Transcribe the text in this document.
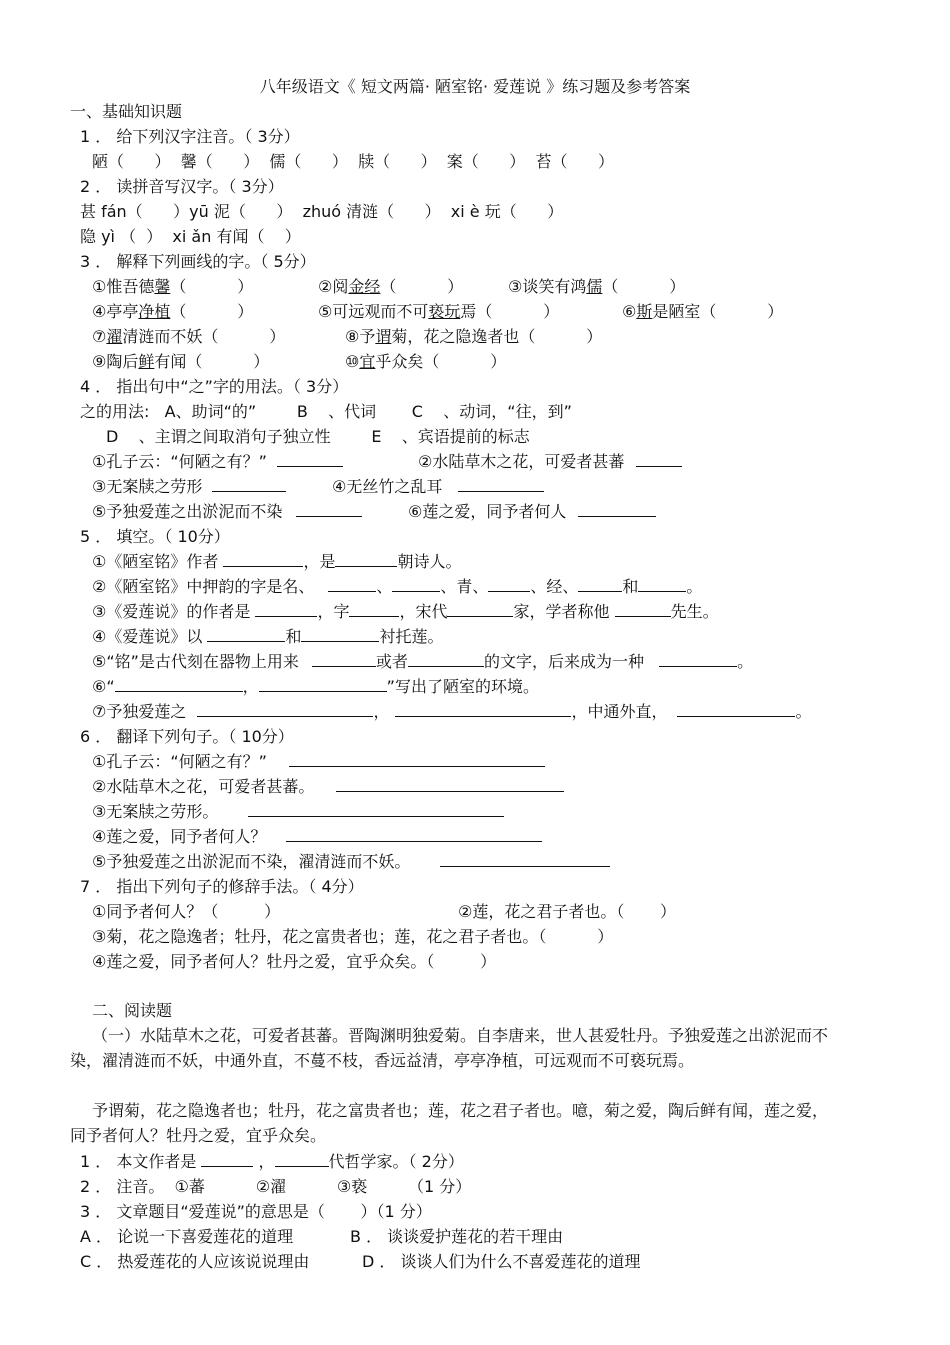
八年级语文《 短文两篇· 陋室铭· 爱莲说 》练习题及参考答案
一、基础知识题
1 ． 给下列汉字注音。（ 3分）
陋（      ）  馨（      ）  儒（      ）  牍（      ）  案（      ）  苔（      ）
2 ． 读拼音写汉字。（ 3分）
甚 fán（      ）yū 泥（      ）  zhuó 清涟（      ）  xi è 玩（      ）
隐 yì （  ）  xi ǎn 有闻（    ）
3 ． 解释下列画线的字。（ 5分）
①惟吾德馨（          ）	②阅金经（          ）	③谈笑有鸿儒（          ）
④亭亭净植（          ）	⑤可远观而不可亵玩焉（          ）	⑥斯是陋室（          ）
⑦濯清涟而不妖（          ）	⑧予谓菊，花之隐逸者也（          ）
⑨陶后鲜有闻（          ）	⑩宜乎众矣（          ）
4 ． 指出句中“之”字的用法。（ 3分）
之的用法:   A、助词“的”        B    、代词       C    、动词，“往，到”
D    、主谓之间取消句子独立性        E    、宾语提前的标志
①孔子云：“何陋之有？”	②水陆草木之花，可爱者甚蕃
③无案牍之劳形	④无丝竹之乱耳
⑤予独爱莲之出淤泥而不染	⑥莲之爱，同予者何人
5 ． 填空。（ 10分）
①《陋室铭》作者	，是	朝诗人。
②《陋室铭》中押韵的字是名、	、	、青、	、经、	和	。
③《爱莲说》的作者是	，字	，宋代	家，学者称他	先生。
④《爱莲说》以	和	衬托莲。
⑤“铭”是古代刻在器物上用来	或者	的文字，后来成为一种	。
⑥“	，	”写出了陋室的环境。
⑦予独爱莲之	，	，中通外直，	。
6 ． 翻译下列句子。（ 10分）
①孔子云：“何陋之有？”
②水陆草木之花，可爱者甚蕃。
③无案牍之劳形。
④莲之爱，同予者何人？
⑤予独爱莲之出淤泥而不染，濯清涟而不妖。
7 ． 指出下列句子的修辞手法。（ 4分）
①同予者何人？（         ）	②莲，花之君子者也。（       ）
③菊，花之隐逸者；牡丹，花之富贵者也；莲，花之君子者也。（          ）
④莲之爱，同予者何人？牡丹之爱，宜乎众矣。（         ）
二、阅读题
（一）水陆草木之花，可爱者甚蕃。晋陶渊明独爱菊。自李唐来，世人甚爱牡丹。予独爱莲之出淤泥而不染，濯清涟而不妖，中通外直，不蔓不枝，香远益清，亭亭净植，可远观而不可亵玩焉。
予谓菊，花之隐逸者也；牡丹，花之富贵者也；莲，花之君子者也。噫，菊之爱，陶后鲜有闻，莲之爱，同予者何人？牡丹之爱，宜乎众矣。
1 ． 本文作者是	，	代哲学家。（ 2分）
2 ． 注音。  ①蕃          ②濯          ③亵        （1 分）
3 ． 文章题目“爱莲说”的意思是（       ）（1 分）
A ． 论说一下喜爱莲花的道理	B ． 谈谈爱护莲花的若干理由
C ． 热爱莲花的人应该说说理由	D ． 谈谈人们为什么不喜爱莲花的道理
